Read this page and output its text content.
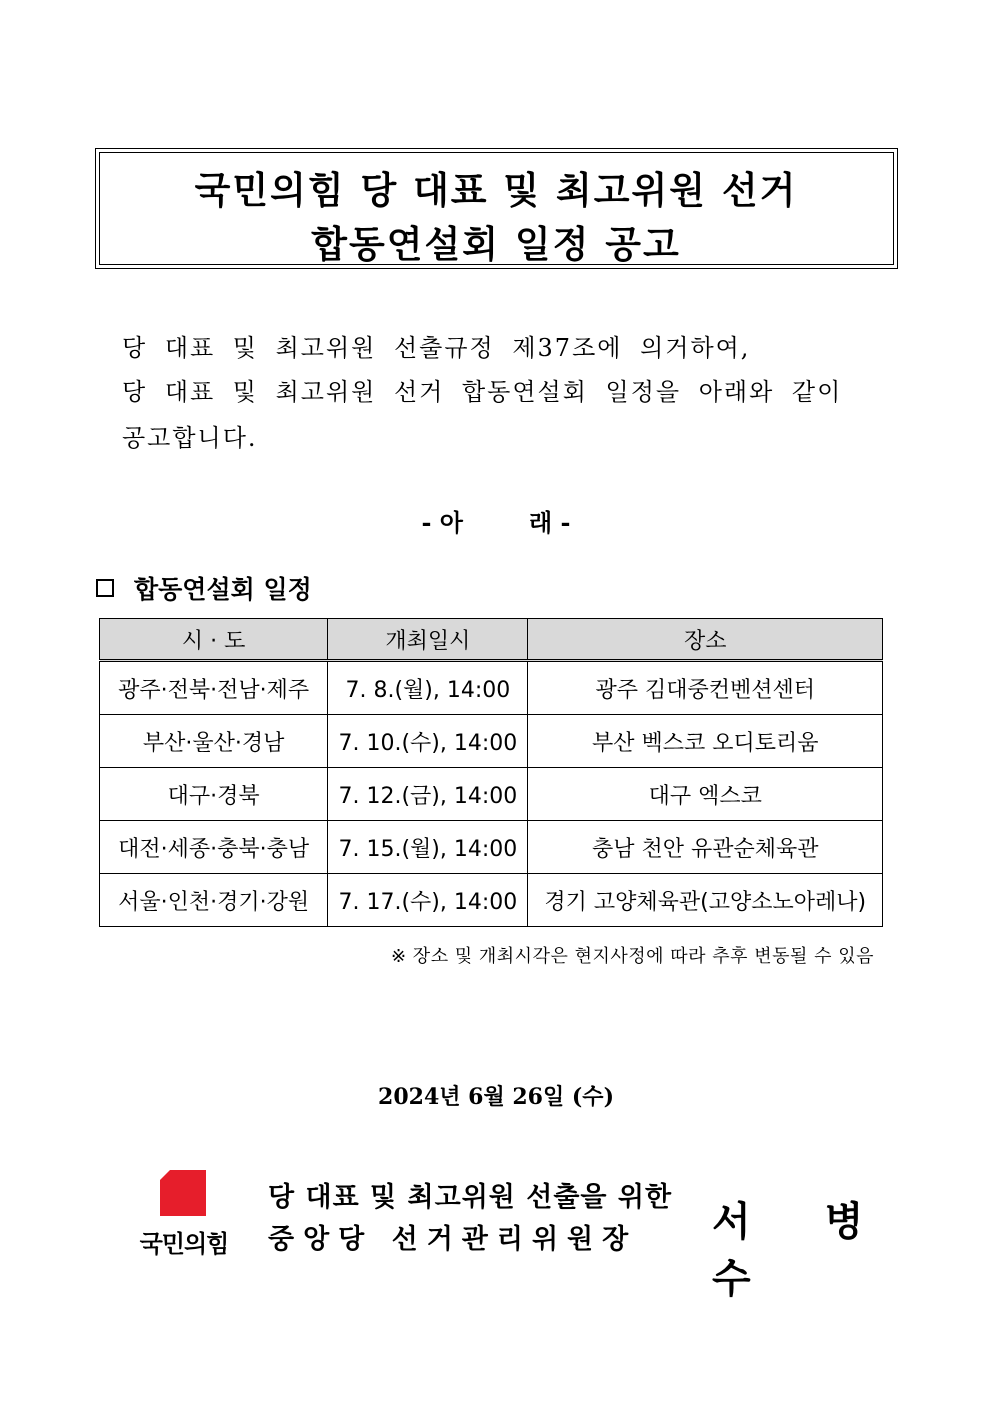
국민의힘 당 대표 및 최고위원 선거
합동연설회 일정 공고
당 대표 및 최고위원 선출규정 제37조에 의거하여,
당 대표 및 최고위원 선거 합동연설회 일정을 아래와 같이
공고합니다.
- 아	래 -
합동연설회 일정
시 · 도	개최일시	장소
광주·전북·전남·제주	7. 8.(월), 14:00	광주 김대중컨벤션센터
부산·울산·경남	7. 10.(수), 14:00	부산 벡스코 오디토리움
대구·경북	7. 12.(금), 14:00	대구 엑스코
대전·세종·충북·충남	7. 15.(월), 14:00	충남 천안 유관순체육관
서울·인천·경기·강원	7. 17.(수), 14:00	경기 고양체육관(고양소노아레나)
※ 장소 및 개최시각은 현지사정에 따라 추후 변동될 수 있음
2024년 6월 26일 (수)
국민의힘
당 대표 및 최고위원 선출을 위한
중앙당 선거관리위원장 서 병 수
